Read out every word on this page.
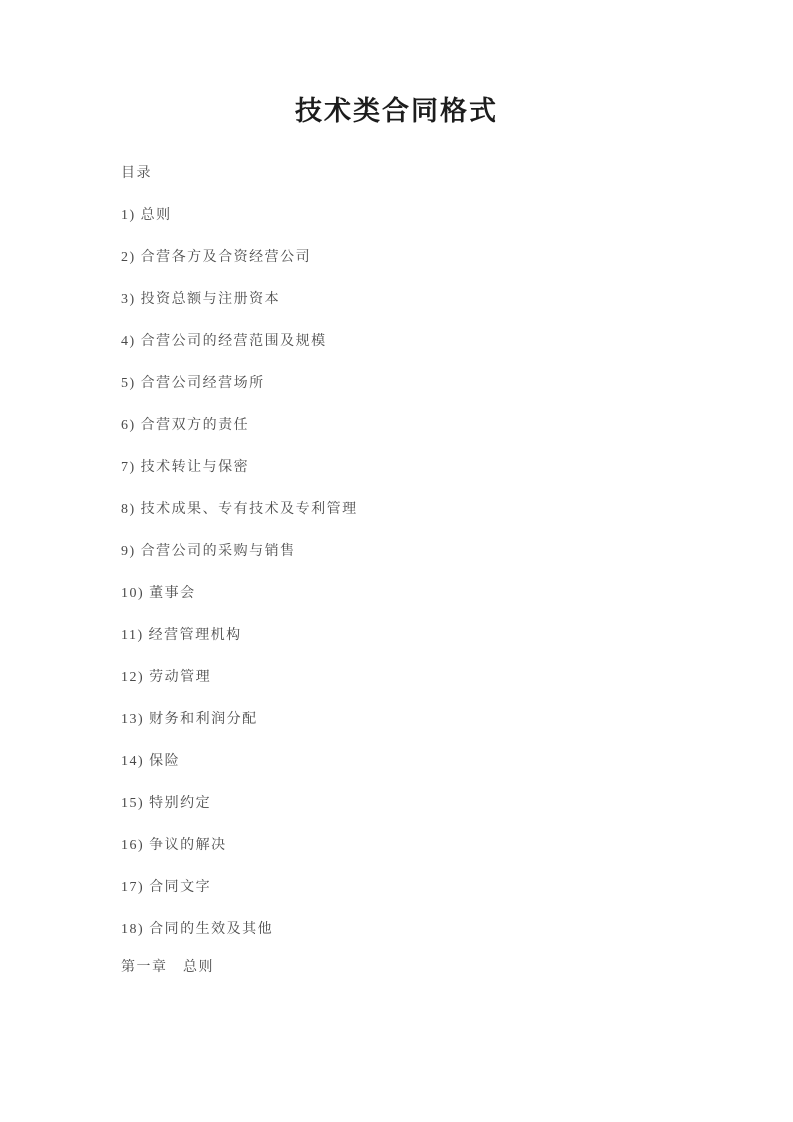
技术类合同格式

目录

1) 总则

2) 合营各方及合资经营公司

3) 投资总额与注册资本

4) 合营公司的经营范围及规模

5) 合营公司经营场所

6) 合营双方的责任

7) 技术转让与保密

8) 技术成果、专有技术及专利管理

9) 合营公司的采购与销售

10) 董事会

11) 经营管理机构

12) 劳动管理

13) 财务和利润分配

14) 保险

15) 特别约定

16) 争议的解决

17) 合同文字

18) 合同的生效及其他

第一章　总则
